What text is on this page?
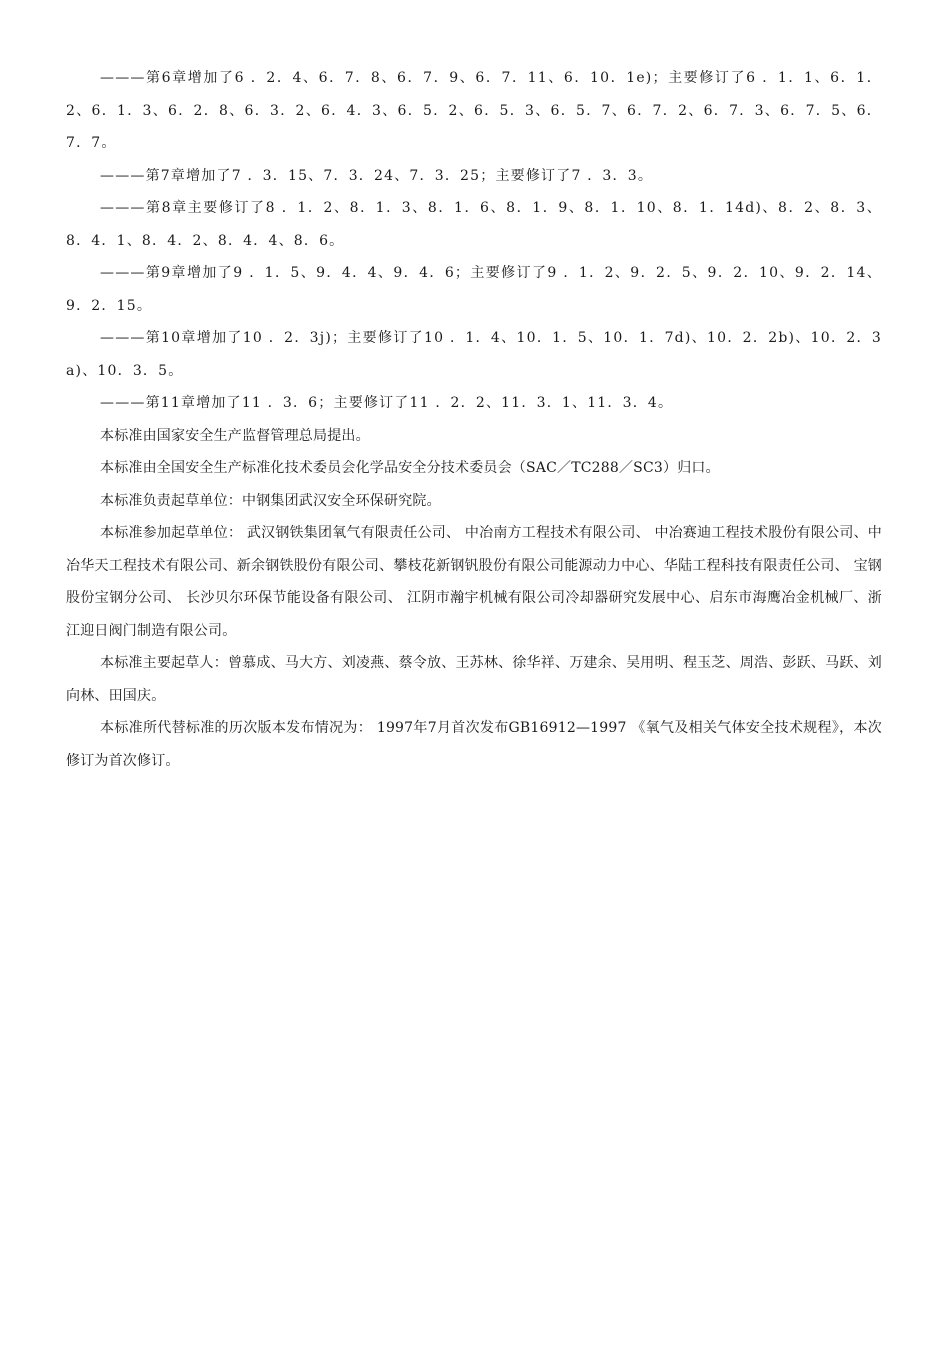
———第6章增加了6 ．2．4、6．7．8、6．7．9、6．7．11、6．10．1e)；主要修订了6 ．1．1、6．1．2、6．1．3、6．2．8、6．3．2、6．4．3、6．5．2、6．5．3、6．5．7、6．7．2、6．7．3、6．7．5、6．7．7。

———第7章增加了7 ．3．15、7．3．24、7．3．25；主要修订了7 ．3．3。

———第8章主要修订了8 ．1．2、8．1．3、8．1．6、8．1．9、8．1．10、8．1．14d)、8．2、8．3、8．4．1、8．4．2、8．4．4、8．6。

———第9章增加了9 ．1．5、9．4．4、9．4．6；主要修订了9 ．1．2、9．2．5、9．2．10、9．2．14、9．2．15。

———第10章增加了10 ．2．3j)；主要修订了10 ．1．4、10．1．5、10．1．7d)、10．2．2b)、10．2．3a)、10．3．5。

———第11章增加了11 ．3．6；主要修订了11 ．2．2、11．3．1、11．3．4。

本标准由国家安全生产监督管理总局提出。

本标准由全国安全生产标准化技术委员会化学品安全分技术委员会（SAC／TC288／SC3）归口。

本标准负责起草单位：中钢集团武汉安全环保研究院。

本标准参加起草单位： 武汉钢铁集团氧气有限责任公司、 中冶南方工程技术有限公司、 中冶赛迪工程技术股份有限公司、中冶华天工程技术有限公司、新余钢铁股份有限公司、攀枝花新钢钒股份有限公司能源动力中心、华陆工程科技有限责任公司、 宝钢股份宝钢分公司、 长沙贝尔环保节能设备有限公司、 江阴市瀚宇机械有限公司冷却器研究发展中心、启东市海鹰冶金机械厂、浙江迎日阀门制造有限公司。

本标准主要起草人：曾慕成、马大方、刘凌燕、蔡令放、王苏林、徐华祥、万建余、吴用明、程玉芝、周浩、彭跃、马跃、刘向林、田国庆。

本标准所代替标准的历次版本发布情况为： 1997年7月首次发布GB16912—1997 《氧气及相关气体安全技术规程》，本次修订为首次修订。
